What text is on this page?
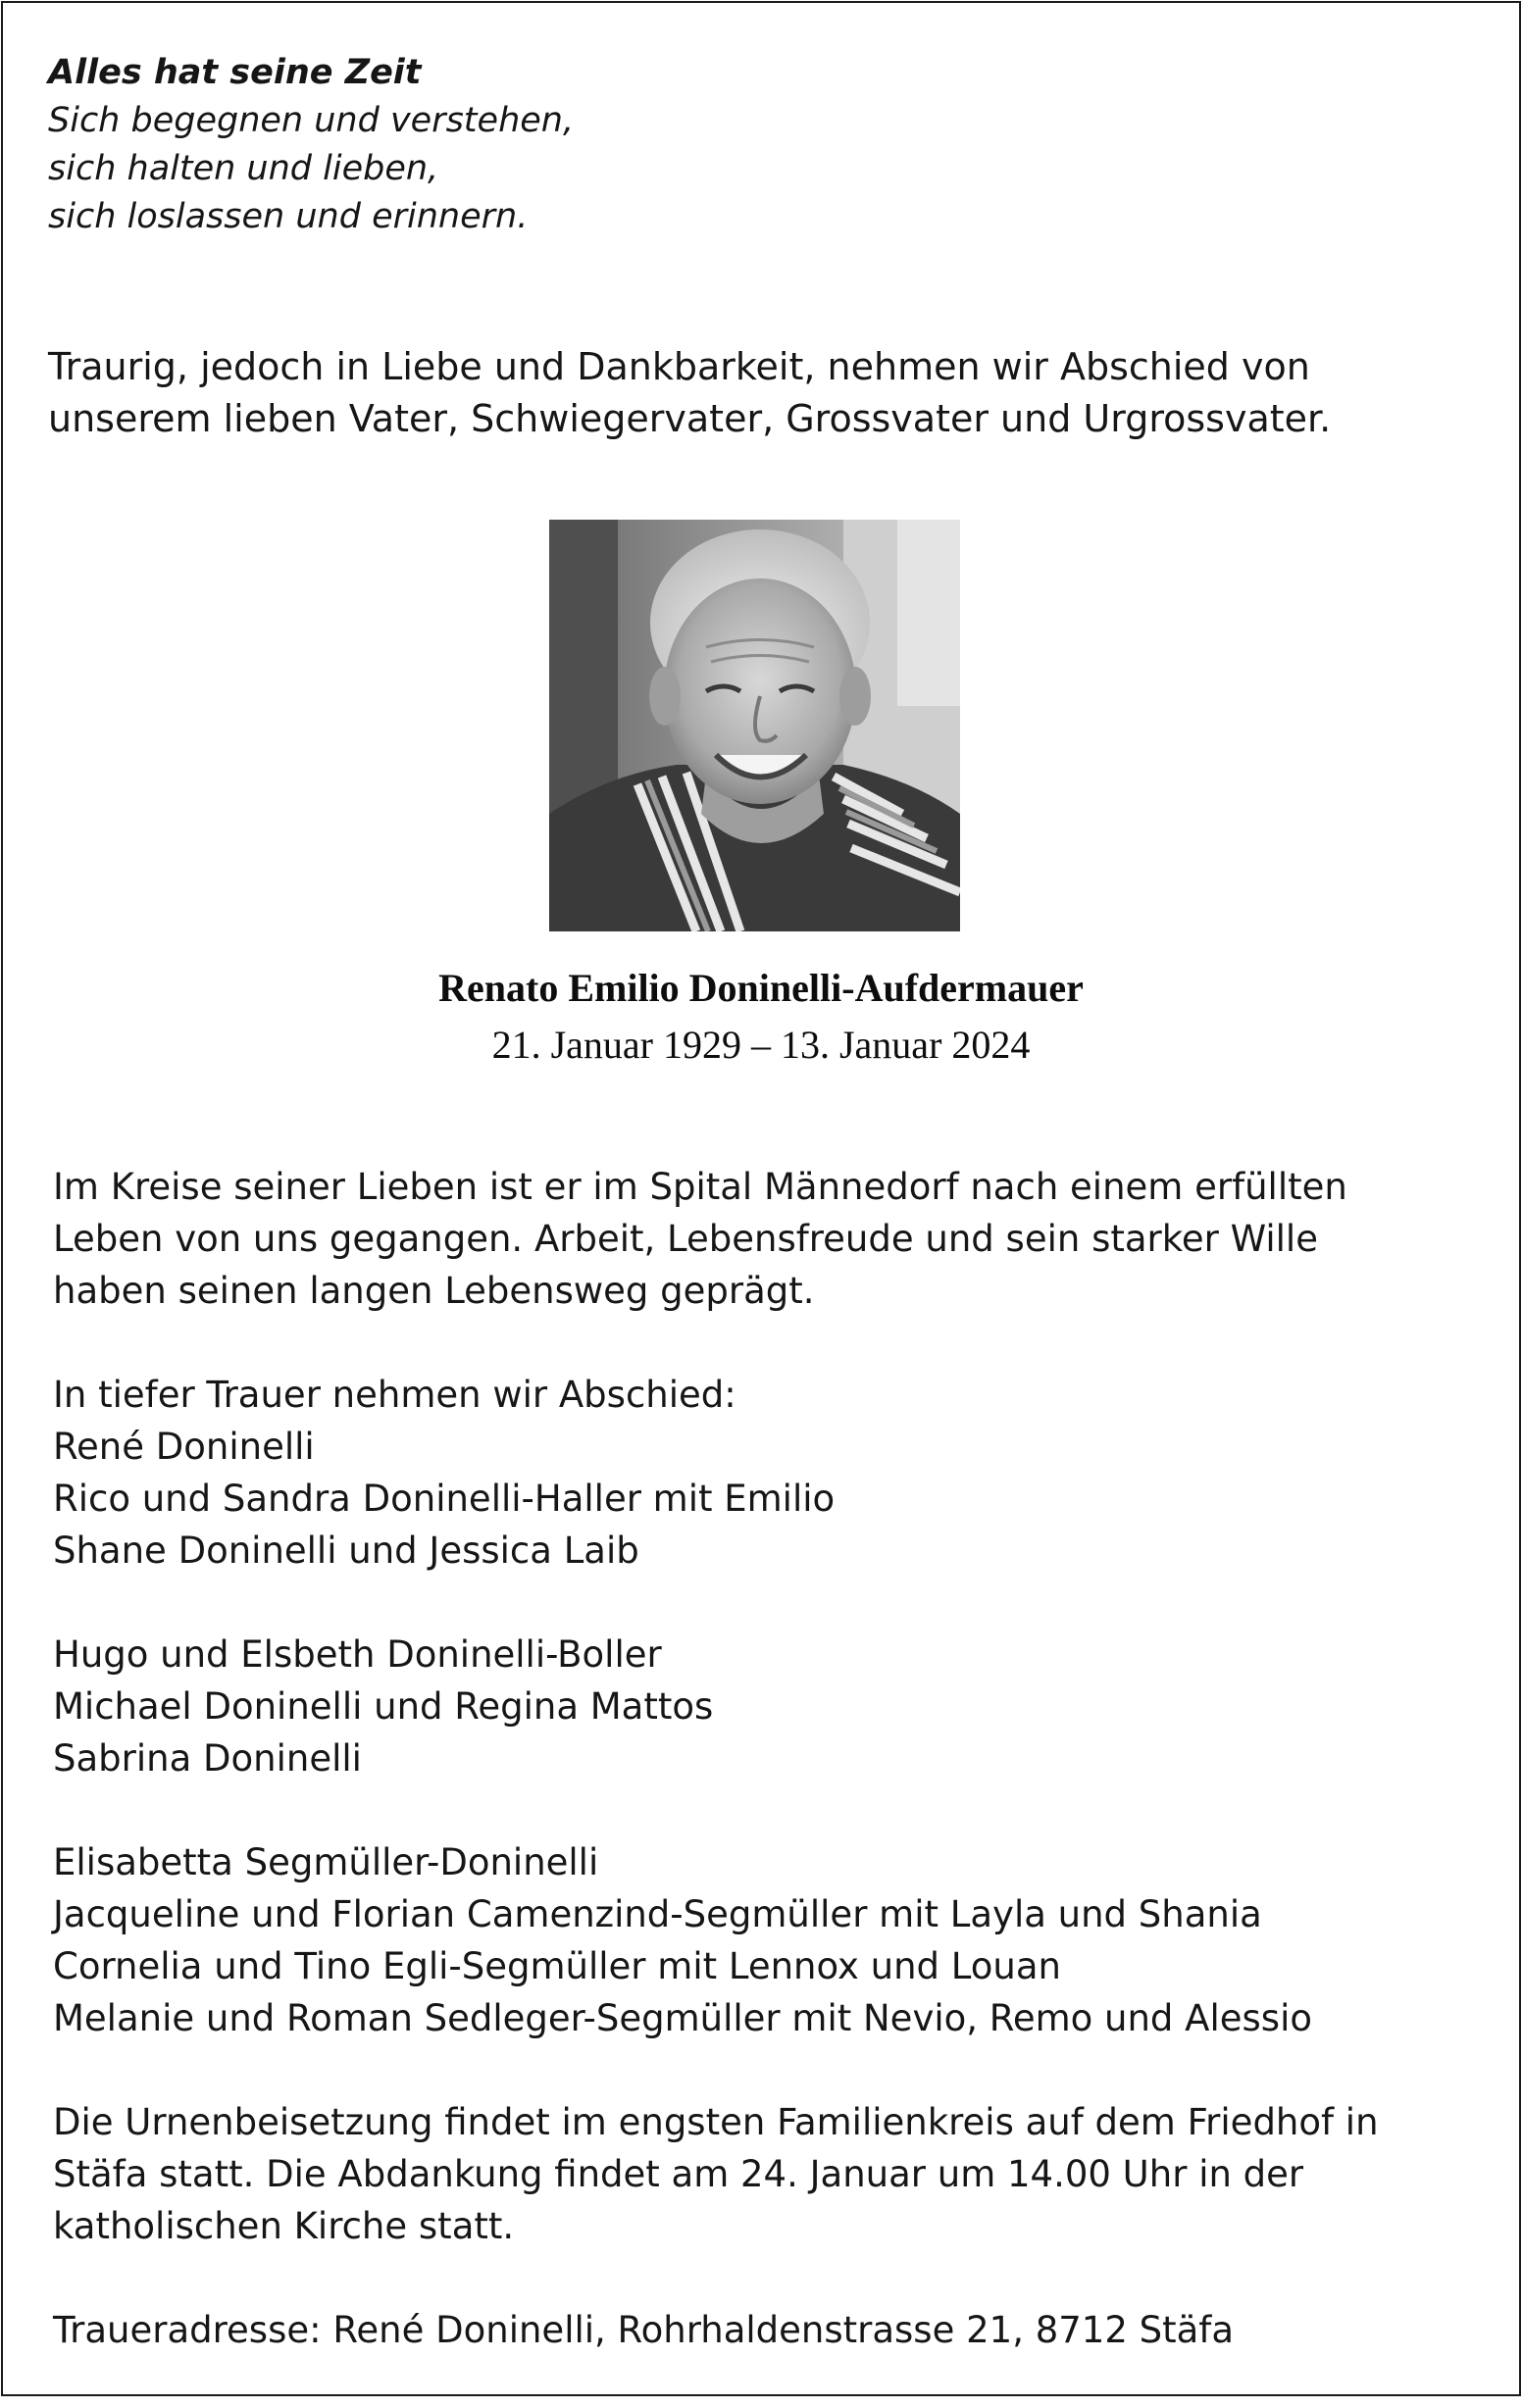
Alles hat seine Zeit
Sich begegnen und verstehen,
sich halten und lieben,
sich loslassen und erinnern.
Traurig, jedoch in Liebe und Dankbarkeit, nehmen wir Abschied von
unserem lieben Vater, Schwiegervater, Grossvater und Urgrossvater.
Renato Emilio Doninelli-Aufdermauer
21. Januar 1929 – 13. Januar 2024
Im Kreise seiner Lieben ist er im Spital Männedorf nach einem erfüllten
Leben von uns gegangen. Arbeit, Lebensfreude und sein starker Wille
haben seinen langen Lebensweg geprägt.
In tiefer Trauer nehmen wir Abschied:
René Doninelli
Rico und Sandra Doninelli-Haller mit Emilio
Shane Doninelli und Jessica Laib
Hugo und Elsbeth Doninelli-Boller
Michael Doninelli und Regina Mattos
Sabrina Doninelli
Elisabetta Segmüller-Doninelli
Jacqueline und Florian Camenzind-Segmüller mit Layla und Shania
Cornelia und Tino Egli-Segmüller mit Lennox und Louan
Melanie und Roman Sedleger-Segmüller mit Nevio, Remo und Alessio
Die Urnenbeisetzung findet im engsten Familienkreis auf dem Friedhof in
Stäfa statt. Die Abdankung findet am 24. Januar um 14.00 Uhr in der
katholischen Kirche statt.
Traueradresse: René Doninelli, Rohrhaldenstrasse 21, 8712 Stäfa
